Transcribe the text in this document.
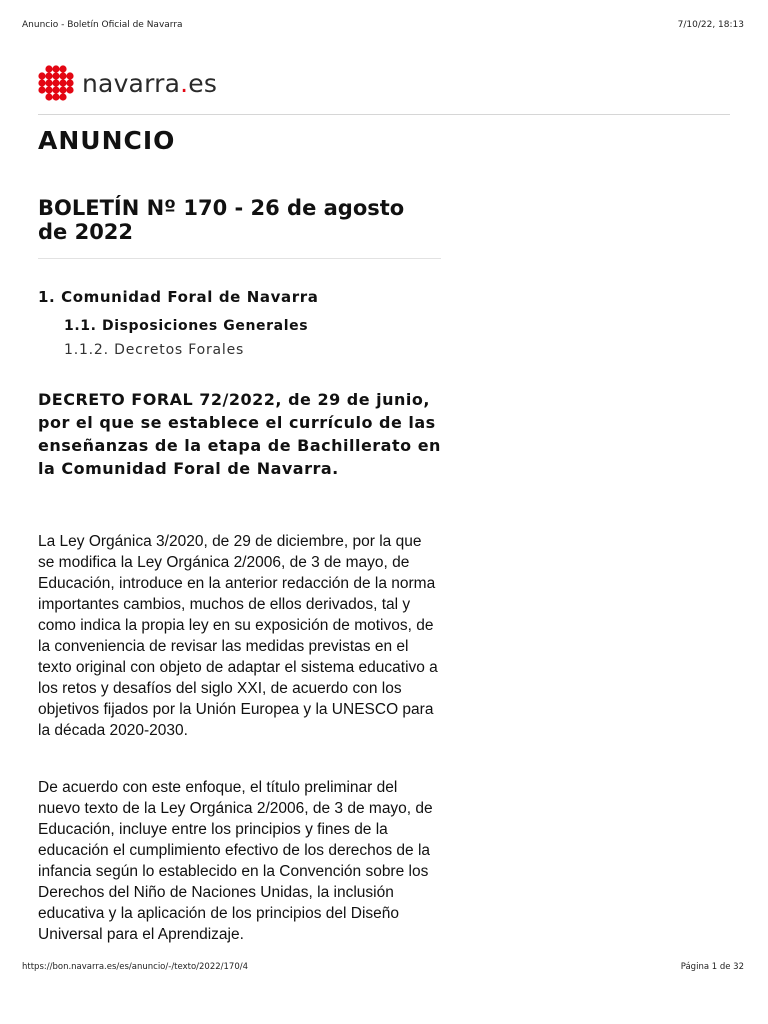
Anuncio - Boletín Oficial de Navarra	7/10/22, 18:13
navarra.es
ANUNCIO
BOLETÍN Nº 170 - 26 de agosto de 2022
1. Comunidad Foral de Navarra
1.1. Disposiciones Generales
1.1.2. Decretos Forales
DECRETO FORAL 72/2022, de 29 de junio, por el que se establece el currículo de las enseñanzas de la etapa de Bachillerato en la Comunidad Foral de Navarra.

La Ley Orgánica 3/2020, de 29 de diciembre, por la que se modifica la Ley Orgánica 2/2006, de 3 de mayo, de Educación, introduce en la anterior redacción de la norma importantes cambios, muchos de ellos derivados, tal y como indica la propia ley en su exposición de motivos, de la conveniencia de revisar las medidas previstas en el texto original con objeto de adaptar el sistema educativo a los retos y desafíos del siglo XXI, de acuerdo con los objetivos fijados por la Unión Europea y la UNESCO para la década 2020-2030.

De acuerdo con este enfoque, el título preliminar del nuevo texto de la Ley Orgánica 2/2006, de 3 de mayo, de Educación, incluye entre los principios y fines de la educación el cumplimiento efectivo de los derechos de la infancia según lo establecido en la Convención sobre los Derechos del Niño de Naciones Unidas, la inclusión educativa y la aplicación de los principios del Diseño Universal para el Aprendizaje.

https://bon.navarra.es/es/anuncio/-/texto/2022/170/4	Página 1 de 32
